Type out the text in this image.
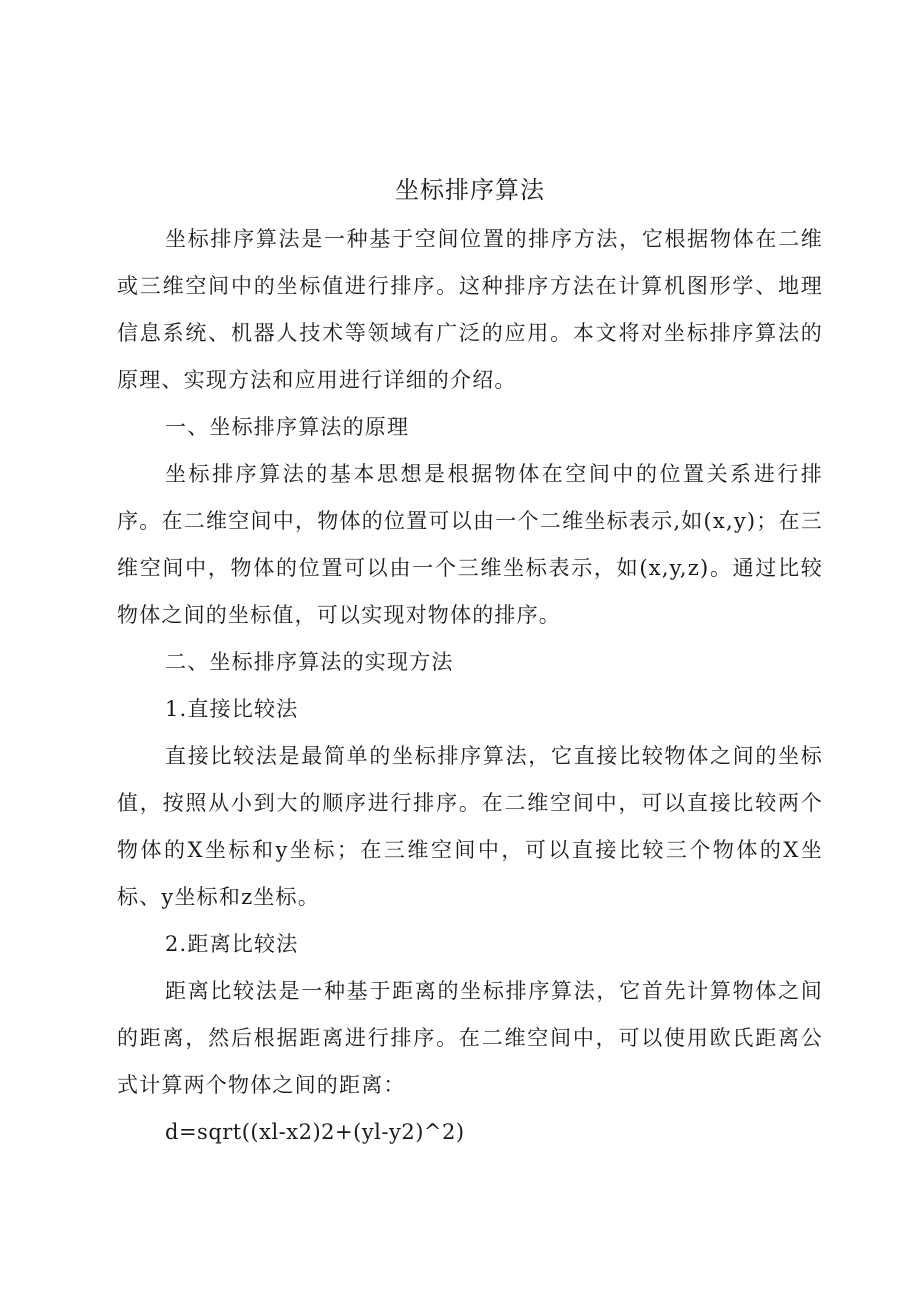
坐标排序算法

坐标排序算法是一种基于空间位置的排序方法，它根据物体在二维或三维空间中的坐标值进行排序。这种排序方法在计算机图形学、地理信息系统、机器人技术等领域有广泛的应用。本文将对坐标排序算法的原理、实现方法和应用进行详细的介绍。

一、坐标排序算法的原理

坐标排序算法的基本思想是根据物体在空间中的位置关系进行排序。在二维空间中，物体的位置可以由一个二维坐标表示,如(x,y)；在三维空间中，物体的位置可以由一个三维坐标表示，如(x,y,z)。通过比较物体之间的坐标值，可以实现对物体的排序。

二、坐标排序算法的实现方法

1.直接比较法

直接比较法是最简单的坐标排序算法，它直接比较物体之间的坐标值，按照从小到大的顺序进行排序。在二维空间中，可以直接比较两个物体的X坐标和y坐标；在三维空间中，可以直接比较三个物体的X坐标、y坐标和z坐标。

2.距离比较法

距离比较法是一种基于距离的坐标排序算法，它首先计算物体之间的距离，然后根据距离进行排序。在二维空间中，可以使用欧氏距离公式计算两个物体之间的距离：

d=sqrt((xl-x2)2+(yl-y2)^2)
